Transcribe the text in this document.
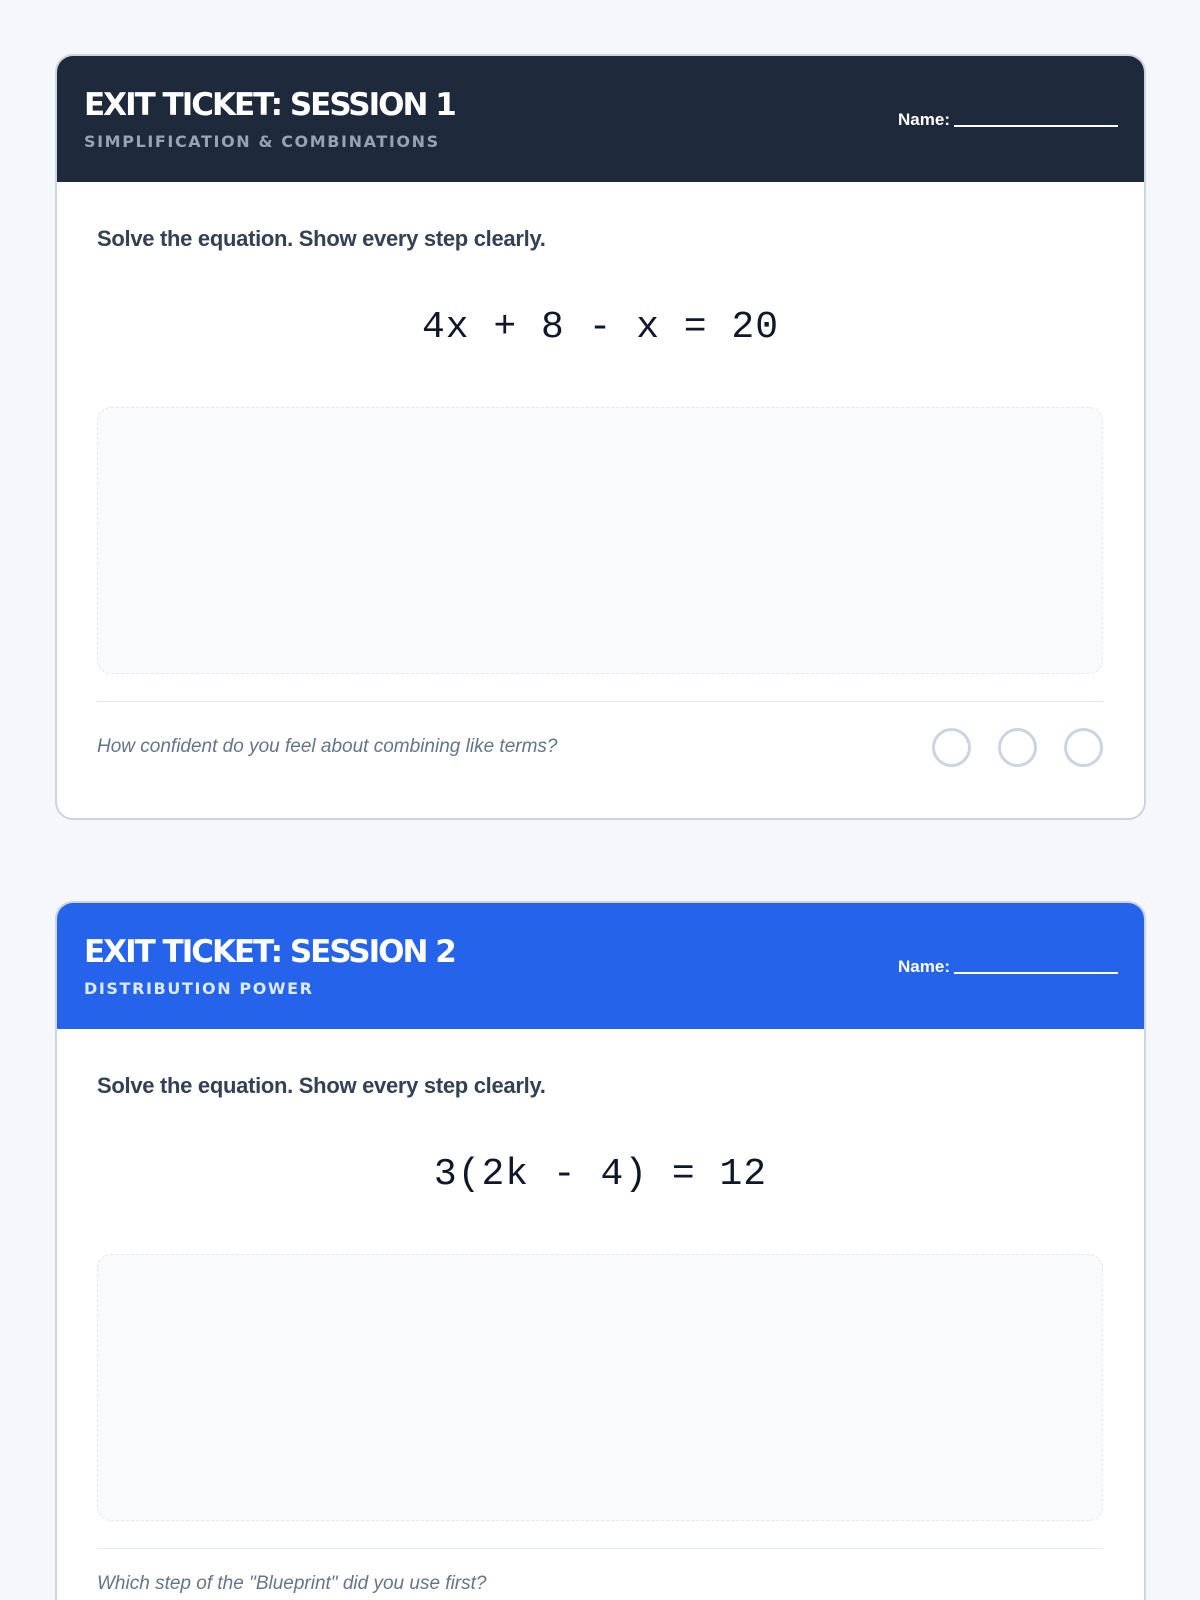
EXIT TICKET: SESSION 1
SIMPLIFICATION & COMBINATIONS
Name:
Solve the equation. Show every step clearly.
4x + 8 - x = 20
How confident do you feel about combining like terms?
EXIT TICKET: SESSION 2
DISTRIBUTION POWER
Name:
Solve the equation. Show every step clearly.
3(2k - 4) = 12
Which step of the "Blueprint" did you use first?
